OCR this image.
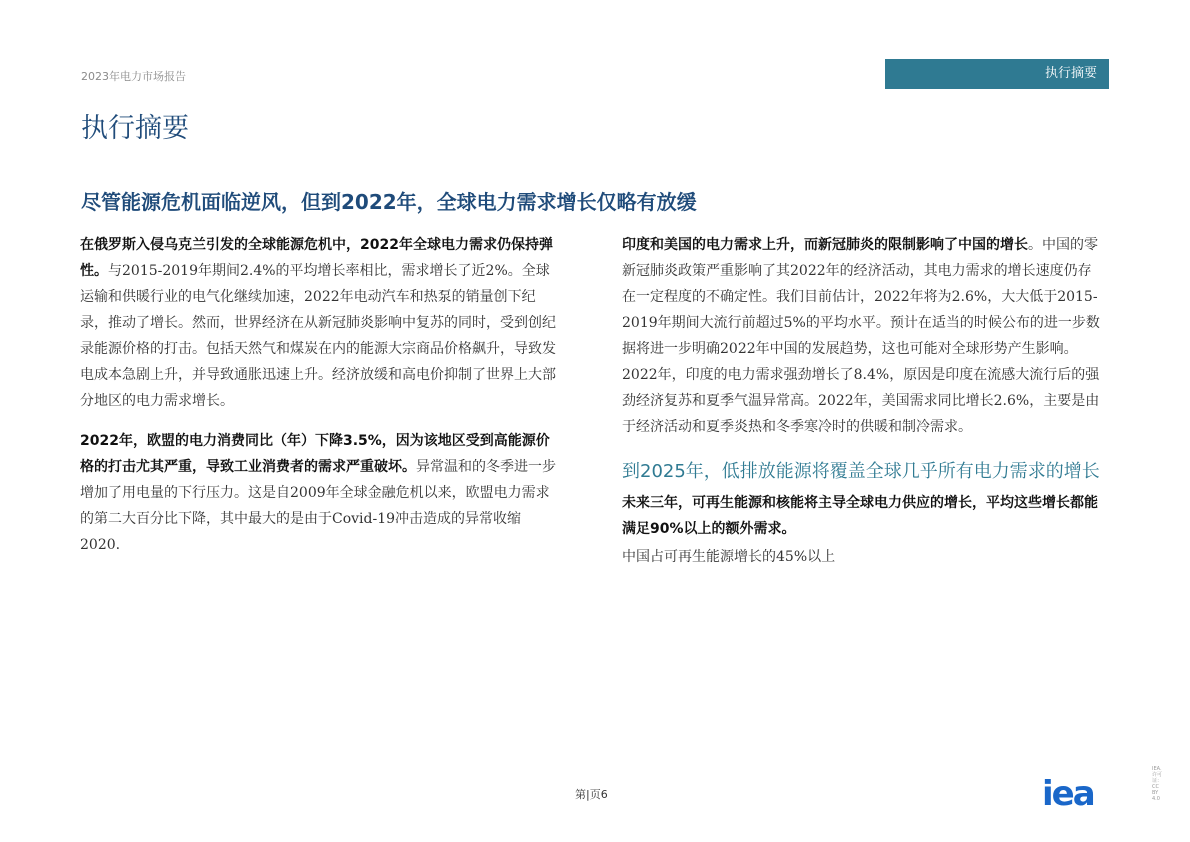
2023年电力市场报告	执行摘要
执行摘要
尽管能源危机面临逆风，但到2022年，全球电力需求增长仅略有放缓

在俄罗斯入侵乌克兰引发的全球能源危机中，2022年全球电力需求仍保持弹性。与2015-2019年期间2.4%的平均增长率相比，需求增长了近2%。全球运输和供暖行业的电气化继续加速，2022年电动汽车和热泵的销量创下纪录，推动了增长。然而，世界经济在从新冠肺炎影响中复苏的同时，受到创纪录能源价格的打击。包括天然气和煤炭在内的能源大宗商品价格飙升，导致发电成本急剧上升，并导致通胀迅速上升。经济放缓和高电价抑制了世界上大部分地区的电力需求增长。

2022年，欧盟的电力消费同比（年）下降3.5%，因为该地区受到高能源价格的打击尤其严重，导致工业消费者的需求严重破坏。异常温和的冬季进一步增加了用电量的下行压力。这是自2009年全球金融危机以来，欧盟电力需求的第二大百分比下降，其中最大的是由于Covid-19冲击造成的异常收缩
2020.

印度和美国的电力需求上升，而新冠肺炎的限制影响了中国的增长。中国的零新冠肺炎政策严重影响了其2022年的经济活动，其电力需求的增长速度仍存在一定程度的不确定性。我们目前估计，2022年将为2.6%，大大低于2015-2019年期间大流行前超过5%的平均水平。预计在适当的时候公布的进一步数据将进一步明确2022年中国的发展趋势，这也可能对全球形势产生影响。2022年，印度的电力需求强劲增长了8.4%，原因是印度在流感大流行后的强劲经济复苏和夏季气温异常高。2022年，美国需求同比增长2.6%，主要是由于经济活动和夏季炎热和冬季寒冷时的供暖和制冷需求。

到2025年，低排放能源将覆盖全球几乎所有电力需求的增长

未来三年，可再生能源和核能将主导全球电力供应的增长，平均这些增长都能满足90%以上的额外需求。

中国占可再生能源增长的45%以上

第|页6	iea
IEA. 许可证：CC BY 4.0
